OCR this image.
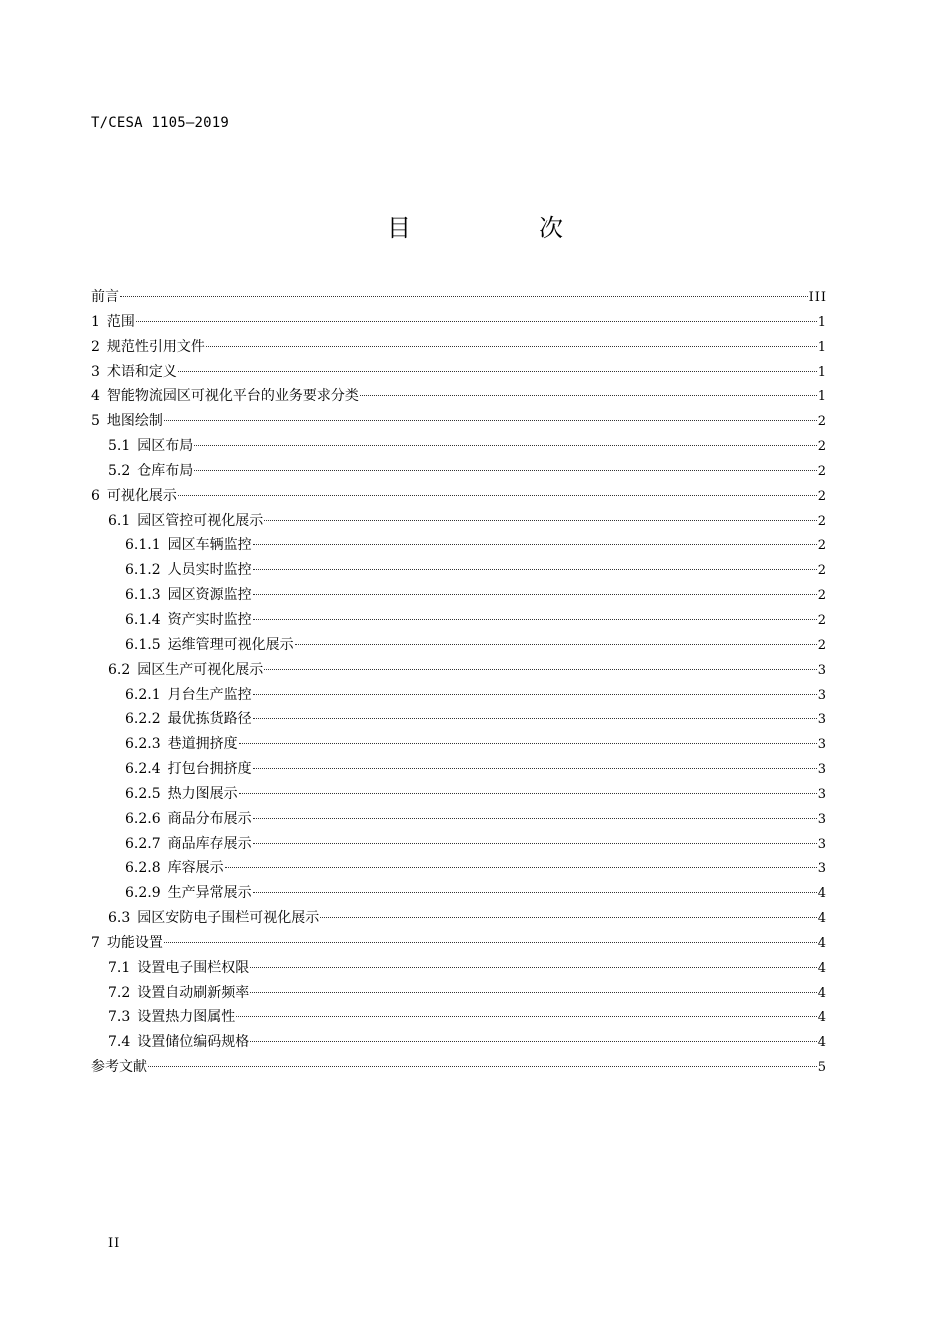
T/CESA 1105—2019
目　次
前言	III
1 范围	1
2 规范性引用文件	1
3 术语和定义	1
4 智能物流园区可视化平台的业务要求分类	1
5 地图绘制	2
5.1 园区布局	2
5.2 仓库布局	2
6 可视化展示	2
6.1 园区管控可视化展示	2
6.1.1 园区车辆监控	2
6.1.2 人员实时监控	2
6.1.3 园区资源监控	2
6.1.4 资产实时监控	2
6.1.5 运维管理可视化展示	2
6.2 园区生产可视化展示	3
6.2.1 月台生产监控	3
6.2.2 最优拣货路径	3
6.2.3 巷道拥挤度	3
6.2.4 打包台拥挤度	3
6.2.5 热力图展示	3
6.2.6 商品分布展示	3
6.2.7 商品库存展示	3
6.2.8 库容展示	3
6.2.9 生产异常展示	4
6.3 园区安防电子围栏可视化展示	4
7 功能设置	4
7.1 设置电子围栏权限	4
7.2 设置自动刷新频率	4
7.3 设置热力图属性	4
7.4 设置储位编码规格	4
参考文献	5
II
